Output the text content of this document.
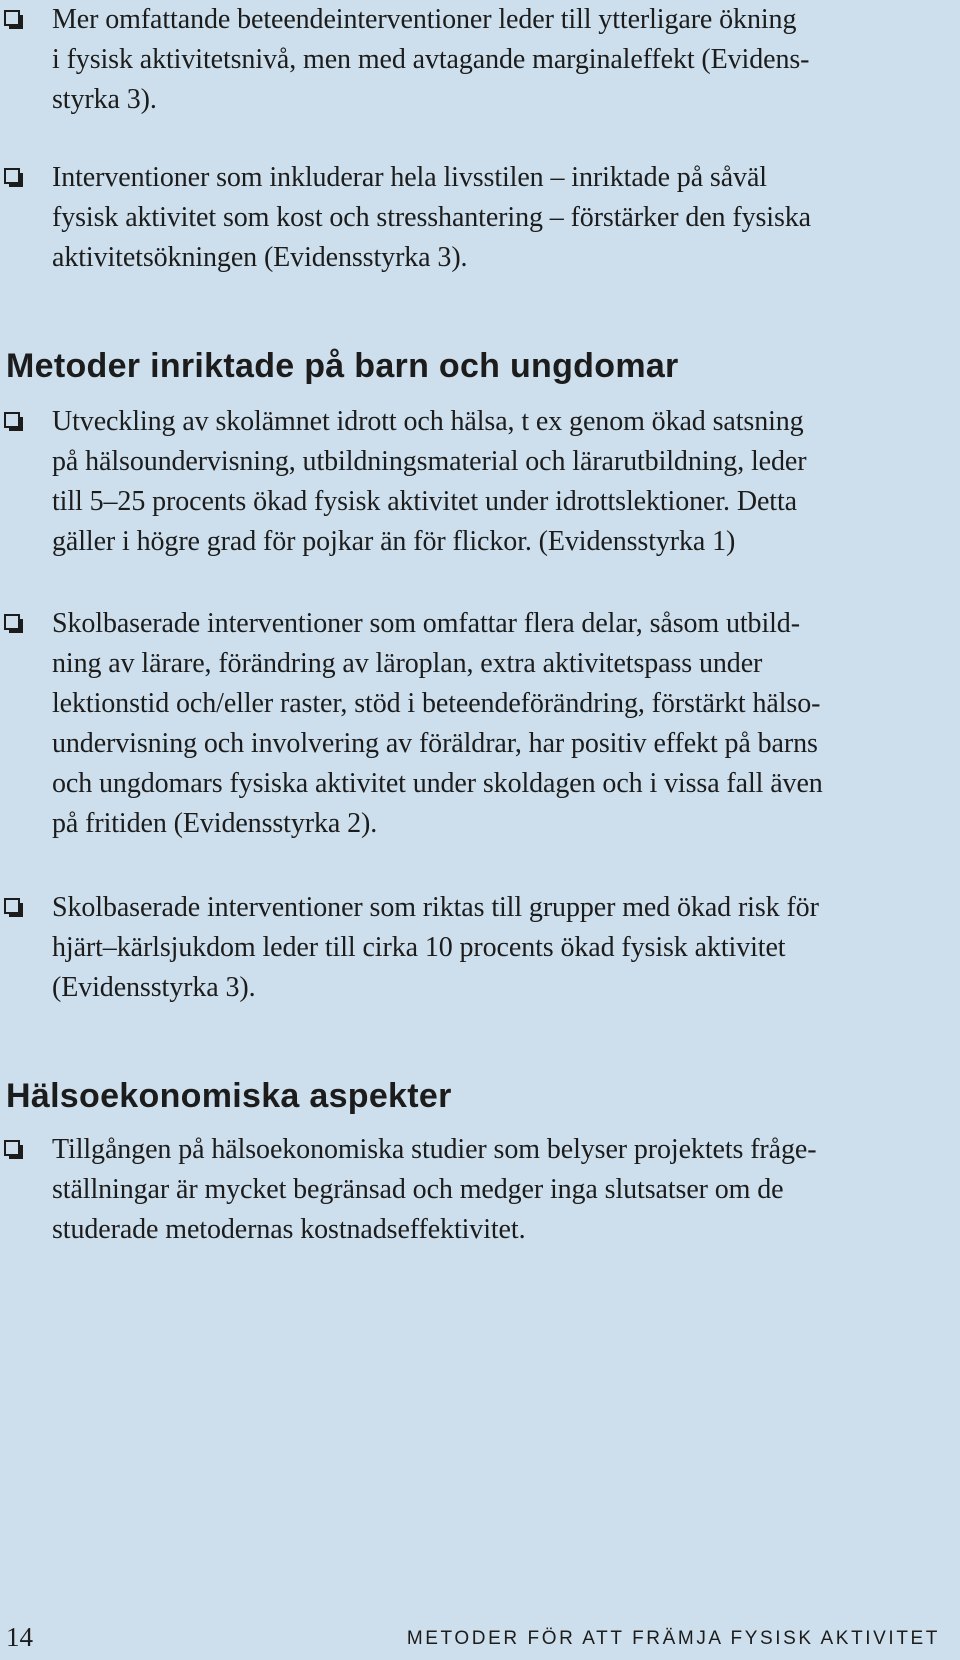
Mer omfattande beteendeinterventioner leder till ytterligare ökning
i fysisk aktivitetsnivå, men med avtagande marginaleffekt (Evidens-
styrka 3).

Interventioner som inkluderar hela livsstilen – inriktade på såväl
fysisk aktivitet som kost och stresshantering – förstärker den fysiska
aktivitetsökningen (Evidensstyrka 3).

Metoder inriktade på barn och ungdomar

Utveckling av skolämnet idrott och hälsa, t ex genom ökad satsning
på hälsoundervisning, utbildningsmaterial och lärarutbildning, leder
till 5–25 procents ökad fysisk aktivitet under idrottslektioner. Detta
gäller i högre grad för pojkar än för flickor. (Evidensstyrka 1)

Skolbaserade interventioner som omfattar flera delar, såsom utbild-
ning av lärare, förändring av läroplan, extra aktivitetspass under
lektionstid och/eller raster, stöd i beteendeförändring, förstärkt hälso-
undervisning och involvering av föräldrar, har positiv effekt på barns
och ungdomars fysiska aktivitet under skoldagen och i vissa fall även
på fritiden (Evidensstyrka 2).

Skolbaserade interventioner som riktas till grupper med ökad risk för
hjärt–kärlsjukdom leder till cirka 10 procents ökad fysisk aktivitet
(Evidensstyrka 3).

Hälsoekonomiska aspekter

Tillgången på hälsoekonomiska studier som belyser projektets fråge-
ställningar är mycket begränsad och medger inga slutsatser om de
studerade metodernas kostnadseffektivitet.

14	METODER FÖR ATT FRÄMJA FYSISK AKTIVITET
